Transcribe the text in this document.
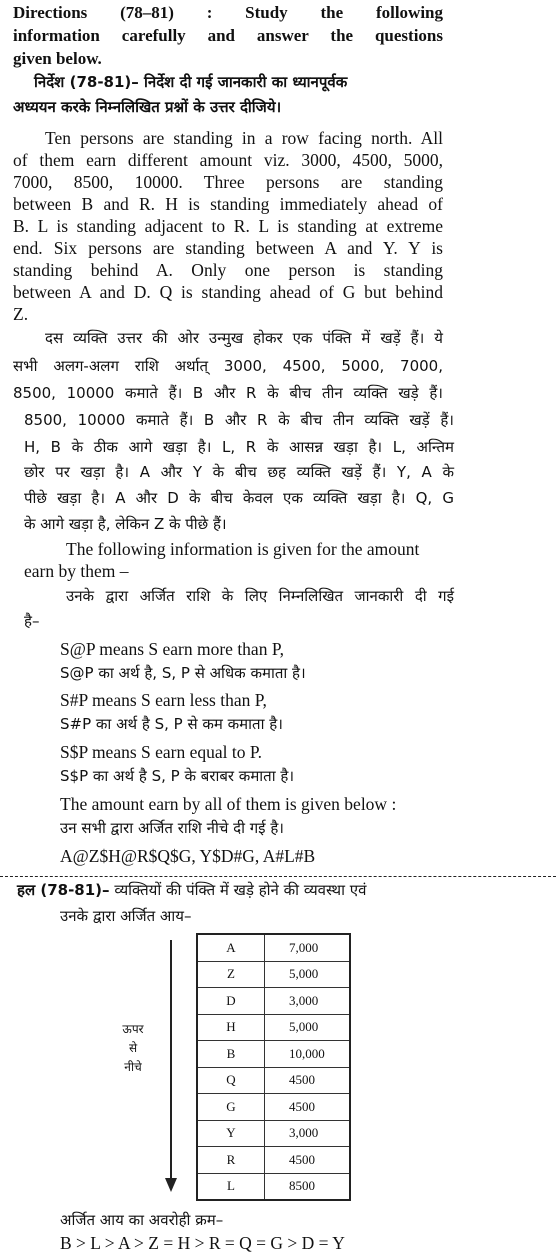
Directions (78–81) : Study the following
information carefully and answer the questions
given below.
निर्देश (78-81)– निर्देश दी गई जानकारी का ध्यानपूर्वक
अध्ययन करके निम्नलिखित प्रश्नों के उत्तर दीजिये।
Ten persons are standing in a row facing north. All
of them earn different amount viz. 3000, 4500, 5000,
7000, 8500, 10000. Three persons are standing
between B and R. H is standing immediately ahead of
B. L is standing adjacent to R. L is standing at extreme
end. Six persons are standing between A and Y. Y is
standing behind A. Only one person is standing
between A and D. Q is standing ahead of G but behind
Z.
दस व्यक्ति उत्तर की ओर उन्मुख होकर एक पंक्ति में खड़ें हैं। ये
सभी अलग-अलग राशि अर्थात् 3000, 4500, 5000, 7000,
8500, 10000 कमाते हैं। B और R के बीच तीन व्यक्ति खड़े हैं।
8500, 10000 कमाते हैं। B और R के बीच तीन व्यक्ति खड़ें हैं।
H, B के ठीक आगे खड़ा है। L, R के आसन्न खड़ा है। L, अन्तिम
छोर पर खड़ा है। A और Y के बीच छह व्यक्ति खड़ें हैं। Y, A के
पीछे खड़ा है। A और D के बीच केवल एक व्यक्ति खड़ा है। Q, G
के आगे खड़ा है, लेकिन Z के पीछे हैं।
The following information is given for the amount
earn by them –
उनके द्वारा अर्जित राशि के लिए निम्नलिखित जानकारी दी गई
है–
S@P means S earn more than P,
S@P का अर्थ है, S, P से अधिक कमाता है।
S#P means S earn less than P,
S#P का अर्थ है S, P से कम कमाता है।
S$P means S earn equal to P.
S$P का अर्थ है S, P के बराबर कमाता है।
The amount earn by all of them is given below :
उन सभी द्वारा अर्जित राशि नीचे दी गई है।
A@Z$H@R$Q$G, Y$D#G, A#L#B
हल (78-81)– व्यक्तियों की पंक्ति में खड़े होने की व्यवस्था एवं
उनके द्वारा अर्जित आय–
ऊपर
से
नीचे
A	7,000
Z	5,000
D	3,000
H	5,000
B	10,000
Q	4500
G	4500
Y	3,000
R	4500
L	8500
अर्जित आय का अवरोही क्रम–
B > L > A > Z = H > R = Q = G > D = Y
